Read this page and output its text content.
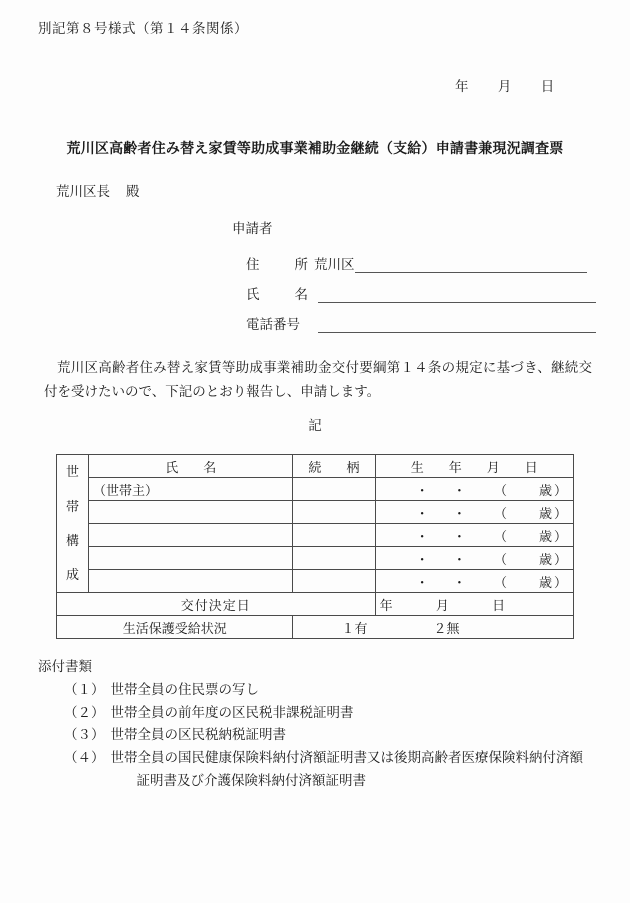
別記第８号様式（第１４条関係）
年 月 日
荒川区高齢者住み替え家賃等助成事業補助金継続（支給）申請書兼現況調査票
荒川区長 殿
申請者
住	所 荒川区
氏	名
電話番号
荒川区高齢者住み替え家賃等助成事業補助金交付要綱第１４条の規定に基づき、継続交付を受けたいので、下記のとおり報告し、申請します。
記
世
帯
構
成	氏　名	続　柄	生　年　月　日
	（世帯主）		・ ・ （　　 歳）

			・ ・ （　　 歳）

			・ ・ （　　 歳）

			・ ・ （　　 歳）

			・ ・ （　　 歳）

交付決定日			年 月 日
生活保護受給状況		１有 ２無	
添付書類
（１） 世帯全員の住民票の写し
（２） 世帯全員の前年度の区民税非課税証明書
（３） 世帯全員の区民税納税証明書
（４） 世帯全員の国民健康保険料納付済額証明書又は後期高齢者医療保険料納付済額
証明書及び介護保険料納付済額証明書
